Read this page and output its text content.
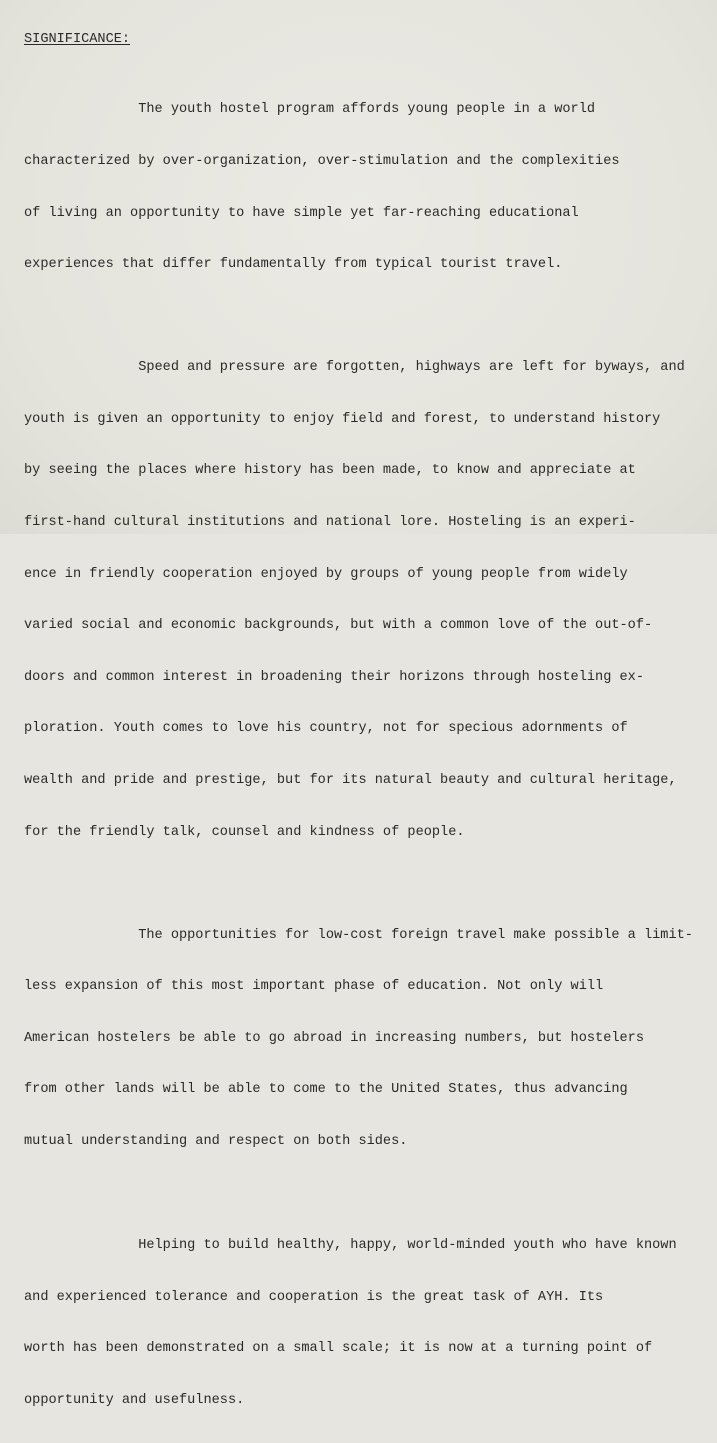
SIGNIFICANCE:

The youth hostel program affords young people in a world

characterized by over-organization, over-stimulation and the complexities

of living an opportunity to have simple yet far-reaching educational

experiences that differ fundamentally from typical tourist travel.

Speed and pressure are forgotten, highways are left for byways, and

youth is given an opportunity to enjoy field and forest, to understand history

by seeing the places where history has been made, to know and appreciate at

first-hand cultural institutions and national lore. Hosteling is an experi-

ence in friendly cooperation enjoyed by groups of young people from widely

varied social and economic backgrounds, but with a common love of the out-of-

doors and common interest in broadening their horizons through hosteling ex-

ploration. Youth comes to love his country, not for specious adornments of

wealth and pride and prestige, but for its natural beauty and cultural heritage,

for the friendly talk, counsel and kindness of people.

The opportunities for low-cost foreign travel make possible a limit-

less expansion of this most important phase of education. Not only will

American hostelers be able to go abroad in increasing numbers, but hostelers

from other lands will be able to come to the United States, thus advancing

mutual understanding and respect on both sides.

Helping to build healthy, happy, world-minded youth who have known

and experienced tolerance and cooperation is the great task of AYH. Its

worth has been demonstrated on a small scale; it is now at a turning point of

opportunity and usefulness.
